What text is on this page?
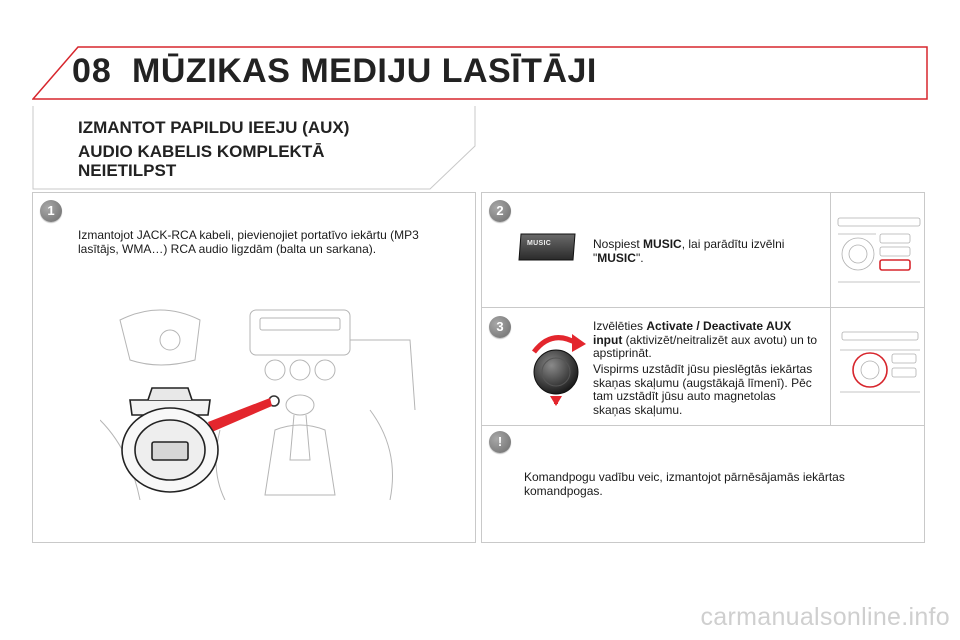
08 MŪZIKAS MEDIJU LASĪTĀJI
IZMANTOT PAPILDU IEEJU (AUX)
AUDIO KABELIS KOMPLEKTĀ NEIETILPST
1
Izmantojot JACK-RCA kabeli, pievienojiet portatīvo iekārtu (MP3 lasītājs, WMA…) RCA audio ligzdām (balta un sarkana).
2
MUSIC	Nospiest MUSIC, lai parādītu izvēlni "MUSIC".
3	Izvēlēties Activate / Deactivate AUX input (aktivizēt/neitralizēt aux avotu) un to apstiprināt.
Vispirms uzstādīt jūsu pieslēgtās iekārtas skaņas skaļumu (augstākajā līmenī). Pēc tam uzstādīt jūsu auto magnetolas skaņas skaļumu.
!
Komandpogu vadību veic, izmantojot pārnēsājamās iekārtas komandpogas.
carmanualsonline.info
